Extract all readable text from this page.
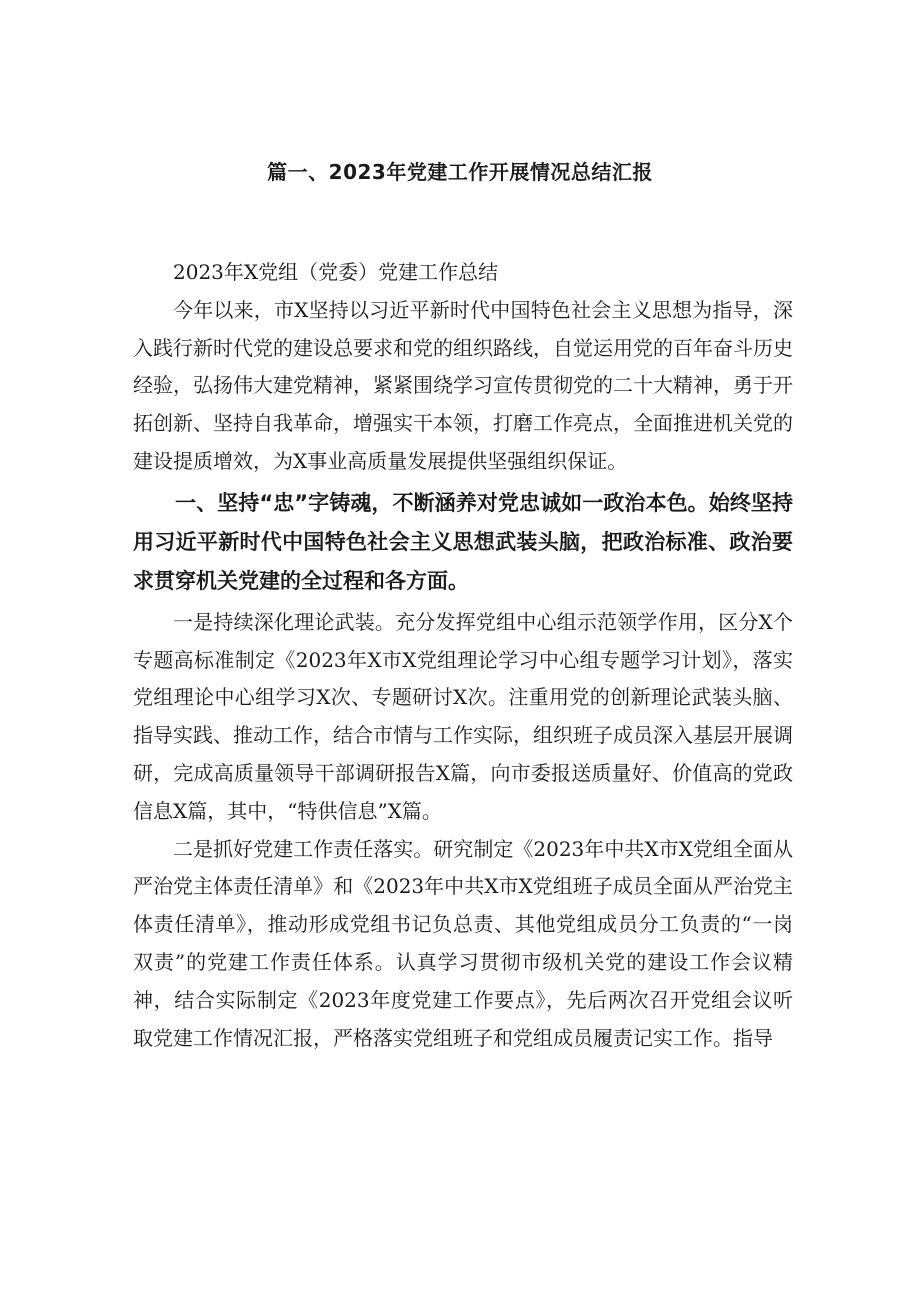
篇一、2023年党建工作开展情况总结汇报

2023年X党组（党委）党建工作总结

今年以来，市X坚持以习近平新时代中国特色社会主义思想为指导，深入践行新时代党的建设总要求和党的组织路线，自觉运用党的百年奋斗历史经验，弘扬伟大建党精神，紧紧围绕学习宣传贯彻党的二十大精神，勇于开拓创新、坚持自我革命，增强实干本领，打磨工作亮点，全面推进机关党的建设提质增效，为X事业高质量发展提供坚强组织保证。

一、坚持“忠”字铸魂，不断涵养对党忠诚如一政治本色。始终坚持用习近平新时代中国特色社会主义思想武装头脑，把政治标准、政治要求贯穿机关党建的全过程和各方面。

一是持续深化理论武装。充分发挥党组中心组示范领学作用，区分X个专题高标准制定《2023年X市X党组理论学习中心组专题学习计划》，落实党组理论中心组学习X次、专题研讨X次。注重用党的创新理论武装头脑、指导实践、推动工作，结合市情与工作实际，组织班子成员深入基层开展调研，完成高质量领导干部调研报告X篇，向市委报送质量好、价值高的党政信息X篇，其中，“特供信息”X篇。

二是抓好党建工作责任落实。研究制定《2023年中共X市X党组全面从严治党主体责任清单》和《2023年中共X市X党组班子成员全面从严治党主体责任清单》，推动形成党组书记负总责、其他党组成员分工负责的“一岗双责”的党建工作责任体系。认真学习贯彻市级机关党的建设工作会议精神，结合实际制定《2023年度党建工作要点》，先后两次召开党组会议听取党建工作情况汇报，严格落实党组班子和党组成员履责记实工作。指导
